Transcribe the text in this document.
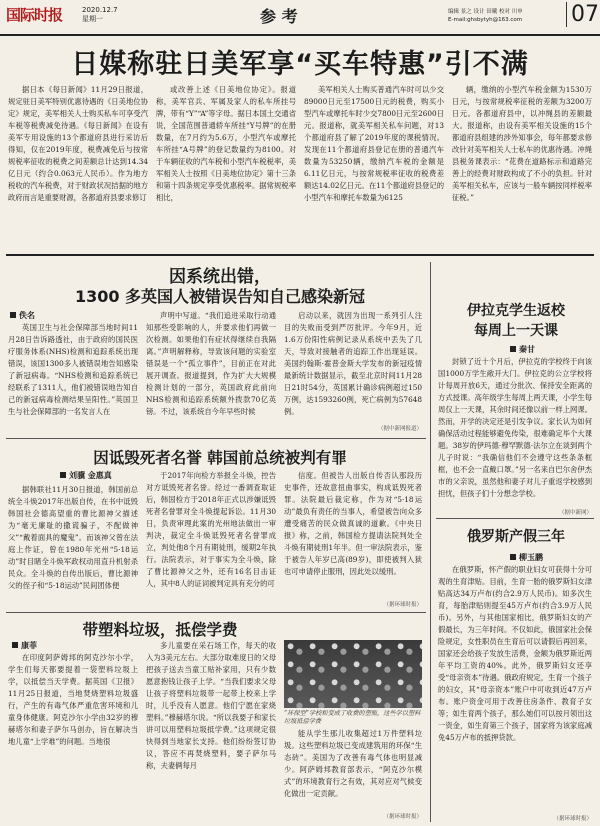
国际时报	2020.12.7
星期一	参 考	编辑 景之 设计 田曦 校对 川申
E-mail:ghsbytyh@163.com 07
日媒称驻日美军享“买车特惠”引不满

据日本《每日新闻》11月29日报道，规定驻日美军特别优惠待遇的《日美地位协定》规定，美军相关人士购买私车可享受汽车税等税费减免待遇。《每日新闻》在设有美军专用设施的13个都道府县进行采访后得知，仅在2019年度，税费减免后与按常规税率征收的税费之间差额总计达到14.34亿日元（约合0.063元人民币）。作为地方税收的汽车税费，对于财政状况拮据的地方政府而言是重要财源，各都道府县要求修订

或改善上述《日美地位协定》。报道称，美军官兵、军属及家人的私车所挂号牌，带有“Y”“A”等字母。据日本国土交通省说，全国范围普通轿车所挂“Y号牌”的在册数量，在7月约为5.6万，小型汽车或摩托车所挂“A号牌”的登记数量约为8100。对于车辆征收的汽车税和小型汽车税税率，美军相关人士按照《日美地位协定》第十三条和第十四条规定享受优惠税率。据常规税率相比，

美军相关人士购买普通汽车时可以少交89000日元至17500日元的税费，购买小型汽车或摩托车时少交7800日元至2600日元。报道称，就美军相关私车问题，对13个都道府县了解了2019年度的课税情况。发现在11个都道府县登记在册的普通汽车数量为53250辆，缴纳汽车税的金额是6.11亿日元，与按常规税率征收的税费差额达14.02亿日元。在11个都道府县登记的小型汽车和摩托车数量为6125

辆，缴纳的小型汽车税金额为1530万日元，与按常规税率征税的差额为3200万日元。各都道府县中，以冲绳县的差额最大。报道称，由设有美军相关设施的15个都道府县组建的涉外知事会，每年都要求修改针对美军相关人士私车的优惠待遇。冲绳县税务课表示：“花费在道路标示和道路完善上的经费对财政构成了不小的负担。针对美军相关私车，应该与一般车辆按同样税率征税。”

因系统出错，
1300 多英国人被错误告知自己感染新冠
佚名

英国卫生与社会保障部当地时间11月28日告诉路透社，由于政府的国民医疗服务体系(NHS)检测和追踪系统出现错误，该国1300多人被错误地告知感染了新冠病毒。“NHS检测和追踪系统已经联系了1311人，他们被错误地告知自己的新冠病毒检测结果呈阳性。”英国卫生与社会保障部的一名发言人在

声明中写道。“我们追进采取行动通知那些受影响的人，并要求他们再做一次检测。如果他们有症状得继续自我隔离。”声明解释称，导致该问题的实验室错误是一个“孤立事件”，目前正在对此展开调查。报道提到，作为扩大大规模检测计划的一部分，英国政府此前向NHS检测和追踪系统额外拨款70亿英镑。不过，该系统自今年早些时候

启动以来，就因为出现一系列引人注目的失败而受到严厉批评。今年9月，近1.6万份阳性病例记录从系统中丢失了几天，导致对接触者的追踪工作出现延误。美国约翰斯·霍普金斯大学发布的新冠疫情最新统计数据显示，截至北京时间11月28日21时54分，英国累计确诊病例超过150万例，达1593260例，死亡病例为57648例。

（据中新网报道）
因诋毁死者名誉 韩国前总统被判有罪
刘骥 金惠真

据韩联社11月30日报道，韩国前总统全斗焕2017年出版自传，在书中诋毁韩国社会德高望重的曹比源神父描述为“毫无廉耻的撒谎骗子，不配做神父”“戴着面具的魔鬼”。而该神父曾在法庭上作证，曾在1980年光州“5·18运动”时目睹全斗焕军政权动用直升机射杀民众。全斗焕的自传出版后，曹比源神父的侄子和“5·18运动”民间团体便

于2017年向检方举报全斗焕，控告对方诋毁死者名誉。经过一番调查取证后，韩国检方于2018年正式以涉嫌诋毁死者名誉罪对全斗焕提起诉讼。11月30日，负责审理此案的光州地法做出一审判决，裁定全斗焕诋毁死者名誉罪成立，判处他8个月有期徒刑，缓期2年执行。法院表示，对于事实为全斗焕，除了曹比源神父之外，还有16名目击证人，其中8人的证词被判定具有充分的可

信度。但被告人出版自传否认那段历史事件，还故意扭曲事实，构成诋毁死者罪。法院最后裁定称，作为对“5·18运动”最负有责任的当事人，希望被告向众多遭受痛苦的民众做真诚的道歉。《中央日报》称，之前，韩国检方提请法院判处全斗焕有期徒刑1年半。但一审法院表示，鉴于被告人年岁已高(89岁)，即使被判入狱也可申请停止服刑，因此处以缓刑。

（据环球时报）
带塑料垃圾，抵偿学费
康菲

在印度阿萨姆邦的阿克沙尔小学，学生们每天都要提着一袋塑料垃圾上学，以抵偿当天学费。据英国《卫报》11月25日报道，当地焚烧塑料垃圾盛行，产生的有毒气体严重危害环境和儿童身体健康。阿克沙尔小学由32岁的穆赫塔尔和妻子萨尔马创办，旨在解决当地儿童“上学难”的问题。当地很

多儿童要在采石场工作，每天的收入为3美元左右。大部分取难度日的父母把孩子送去当童工贴补家用，只有少数愿意抱钱让孩子上学。“当我们要求父母让孩子将塑料垃圾带一起带上校来上学时，儿乎没有人愿意。他们宁愿在家烧塑料。”穆赫塔尔说。“所以我要子和家长讲可以用塑料垃圾抵学费。”这项规定很快得到当地家长支持。他们纷纷签订协议，答应不再焚烧塑料，要子萨尔马称，夫妻俩每月

“环保型”学校和变成了收费的塑瓶，这些学以塑料垃圾抵偿学费

能从学生那儿收集超过1万件塑料垃圾。这些塑料垃圾已变成建筑用的环保“生态砖”。美国为了改善有毒气体也明显减少。阿萨姆邦教育部表示，“阿克沙尔模式”的环境教育行之有效，其对应对气候变化做出一定贡献。

（据环球时报）
伊拉克学生返校
每周上一天课
秦甘

封锁了近十个月后，伊拉克的学校终于向该国1000万学生敞开大门。伊拉克的公立学校将计每周开放6天，通过分批次、保持安全距离的方式授课。高年级学生每周上两天课，小学生每周仅上一天课，其余时间还像以前一样上网课。然而，开学的决定还是引发争议。家长认为如何确保活动过程能够避免传染，很难确定毕个大课题。38岁的伊玛德·穆罕默德·法尔立在谈到两个儿子时说：“我确信他们不会遵守这些条条框框，也不会一直戴口罩。”另一名来自巴尔舍伊杰市的父亲说，虽然他和妻子对儿子重返学校感到担忧，但孩子们十分想念学校。

（据中新网）
俄罗斯产假三年
柳玉鹏

在俄罗斯，怀产假的职业妇女可获得十分可观的生育津贴。目前，生育一胎的俄罗斯妇女津贴高达34万卢布(约合2.9万人民币)。如多次生育，每胎津贴则提至45万卢布(约合3.9万人民币)。另外，与其他国家相比，俄罗斯妇女的产假最长，为三年时间。不仅如此，俄国家社会保险规定，女性职员在生育后可以请假后再回来，国家还会给孩子发放生活费，金额为俄罗斯近两年平均工资的40%。此外，俄罗斯妇女还享受“母亲资本”待遇。俄政府规定，生育一个孩子的妇女，其“母亲资本”账户中可收到近47万卢布。账户资金可用于改善住房条件、教育子女等；如生育两个孩子，那么她们可以按月领出这一资金，如生育第三个孩子，国家将为该家庭减免45万卢布的抵押贷款。

（据环球时报）
